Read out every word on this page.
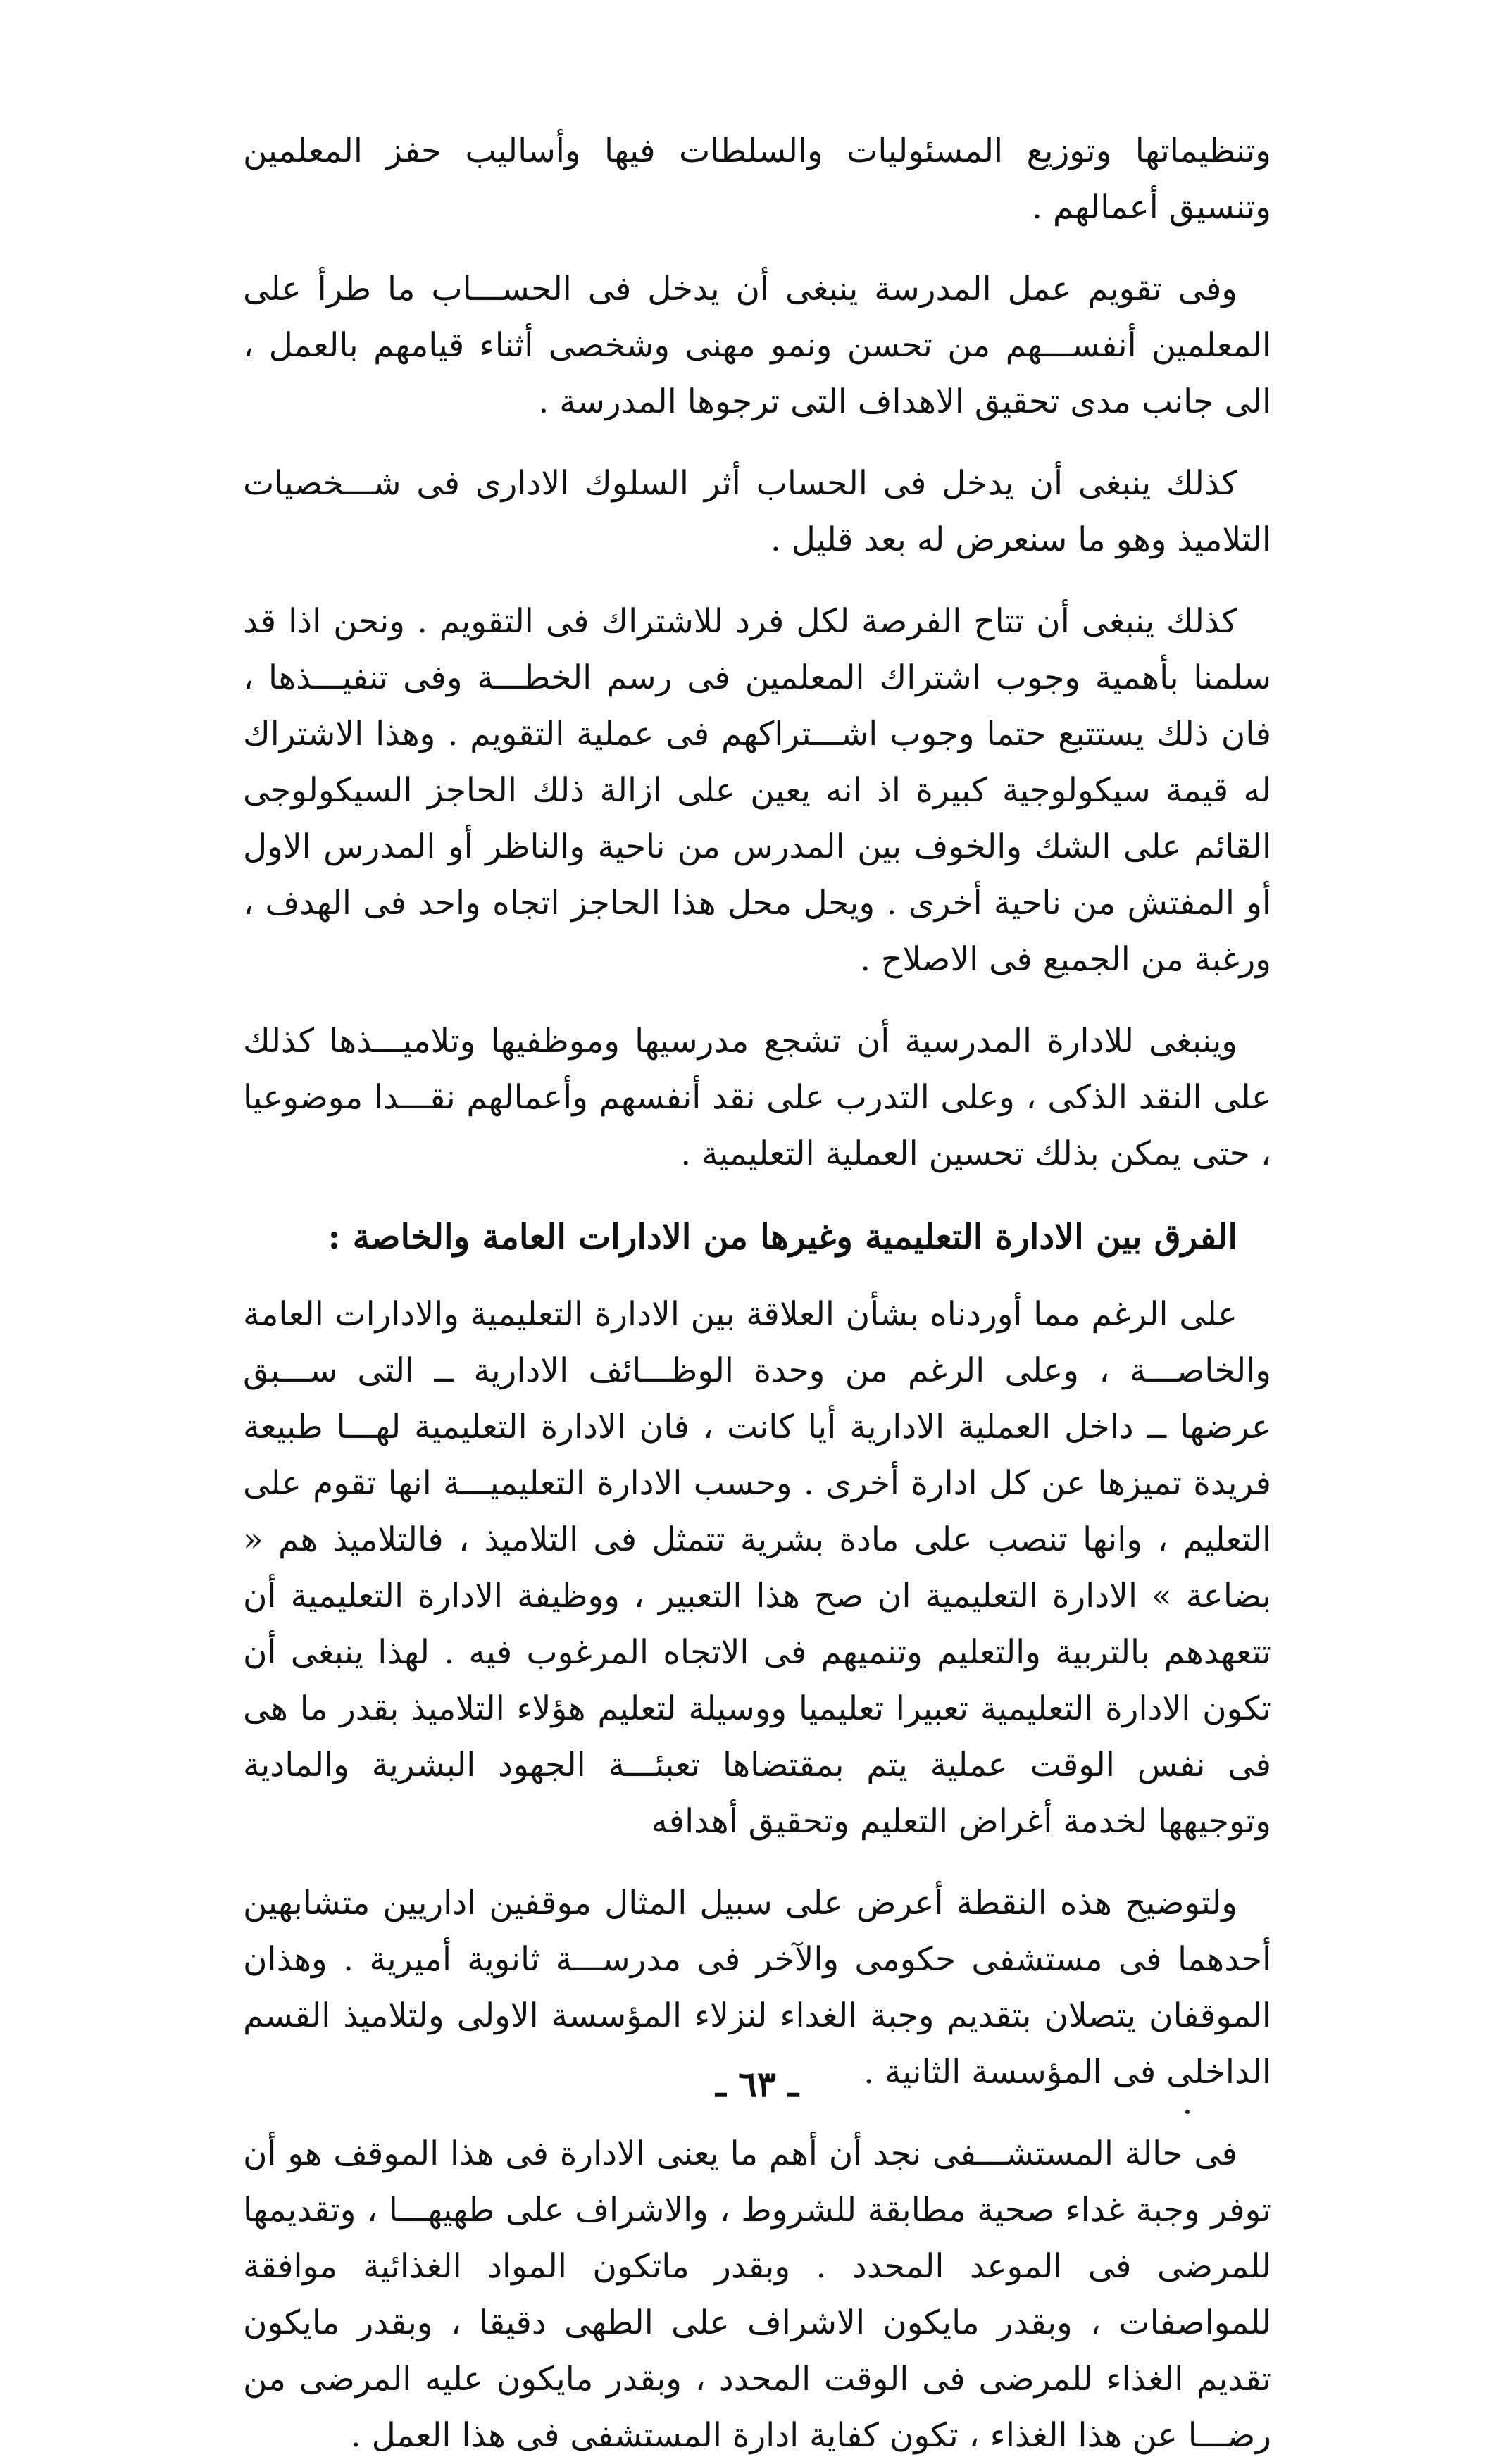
وتنظيماتها وتوزيع المسئوليات والسلطات فيها وأساليب حفز المعلمين وتنسيق أعمالهم .

وفى تقويم عمل المدرسة ينبغى أن يدخل فى الحســـاب ما طرأ على المعلمين أنفســـهم من تحسن ونمو مهنى وشخصى أثناء قيامهم بالعمل ، الى جانب مدى تحقيق الاهداف التى ترجوها المدرسة .

كذلك ينبغى أن يدخل فى الحساب أثر السلوك الادارى فى شـــخصيات التلاميذ وهو ما سنعرض له بعد قليل .

كذلك ينبغى أن تتاح الفرصة لكل فرد للاشتراك فى التقويم . ونحن اذا قد سلمنا بأهمية وجوب اشتراك المعلمين فى رسم الخطـــة وفى تنفيـــذها ، فان ذلك يستتبع حتما وجوب اشـــتراكهم فى عملية التقويم . وهذا الاشتراك له قيمة سيكولوجية كبيرة اذ انه يعين على ازالة ذلك الحاجز السيكولوجى القائم على الشك والخوف بين المدرس من ناحية والناظر أو المدرس الاول أو المفتش من ناحية أخرى . ويحل محل هذا الحاجز اتجاه واحد فى الهدف ، ورغبة من الجميع فى الاصلاح .

وينبغى للادارة المدرسية أن تشجع مدرسيها وموظفيها وتلاميـــذها كذلك على النقد الذكى ، وعلى التدرب على نقد أنفسهم وأعمالهم نقـــدا موضوعيا ، حتى يمكن بذلك تحسين العملية التعليمية .

الفرق بين الادارة التعليمية وغيرها من الادارات العامة والخاصة :

على الرغم مما أوردناه بشأن العلاقة بين الادارة التعليمية والادارات العامة والخاصـــة ، وعلى الرغم من وحدة الوظـــائف الادارية ــ التى ســـبق عرضها ــ داخل العملية الادارية أيا كانت ، فان الادارة التعليمية لهـــا طبيعة فريدة تميزها عن كل ادارة أخرى . وحسب الادارة التعليميـــة انها تقوم على التعليم ، وانها تنصب على مادة بشرية تتمثل فى التلاميذ ، فالتلاميذ هم « بضاعة » الادارة التعليمية ان صح هذا التعبير ، ووظيفة الادارة التعليمية أن تتعهدهم بالتربية والتعليم وتنميهم فى الاتجاه المرغوب فيه . لهذا ينبغى أن تكون الادارة التعليمية تعبيرا تعليميا ووسيلة لتعليم هؤلاء التلاميذ بقدر ما هى فى نفس الوقت عملية يتم بمقتضاها تعبئـــة الجهود البشرية والمادية وتوجيهها لخدمة أغراض التعليم وتحقيق أهدافه

ولتوضيح هذه النقطة أعرض على سبيل المثال موقفين اداريين متشابهين أحدهما فى مستشفى حكومى والآخر فى مدرســـة ثانوية أميرية . وهذان الموقفان يتصلان بتقديم وجبة الغداء لنزلاء المؤسسة الاولى ولتلاميذ القسم الداخلى فى المؤسسة الثانية .

فى حالة المستشـــفى نجد أن أهم ما يعنى الادارة فى هذا الموقف هو أن توفر وجبة غداء صحية مطابقة للشروط ، والاشراف على طهيهـــا ، وتقديمها للمرضى فى الموعد المحدد . وبقدر ماتكون المواد الغذائية موافقة للمواصفات ، وبقدر مايكون الاشراف على الطهى دقيقا ، وبقدر مايكون تقديم الغذاء للمرضى فى الوقت المحدد ، وبقدر مايكون عليه المرضى من رضـــا عن هذا الغذاء ، تكون كفاية ادارة المستشفى فى هذا العمل .

ـ ٦٣ ـ
